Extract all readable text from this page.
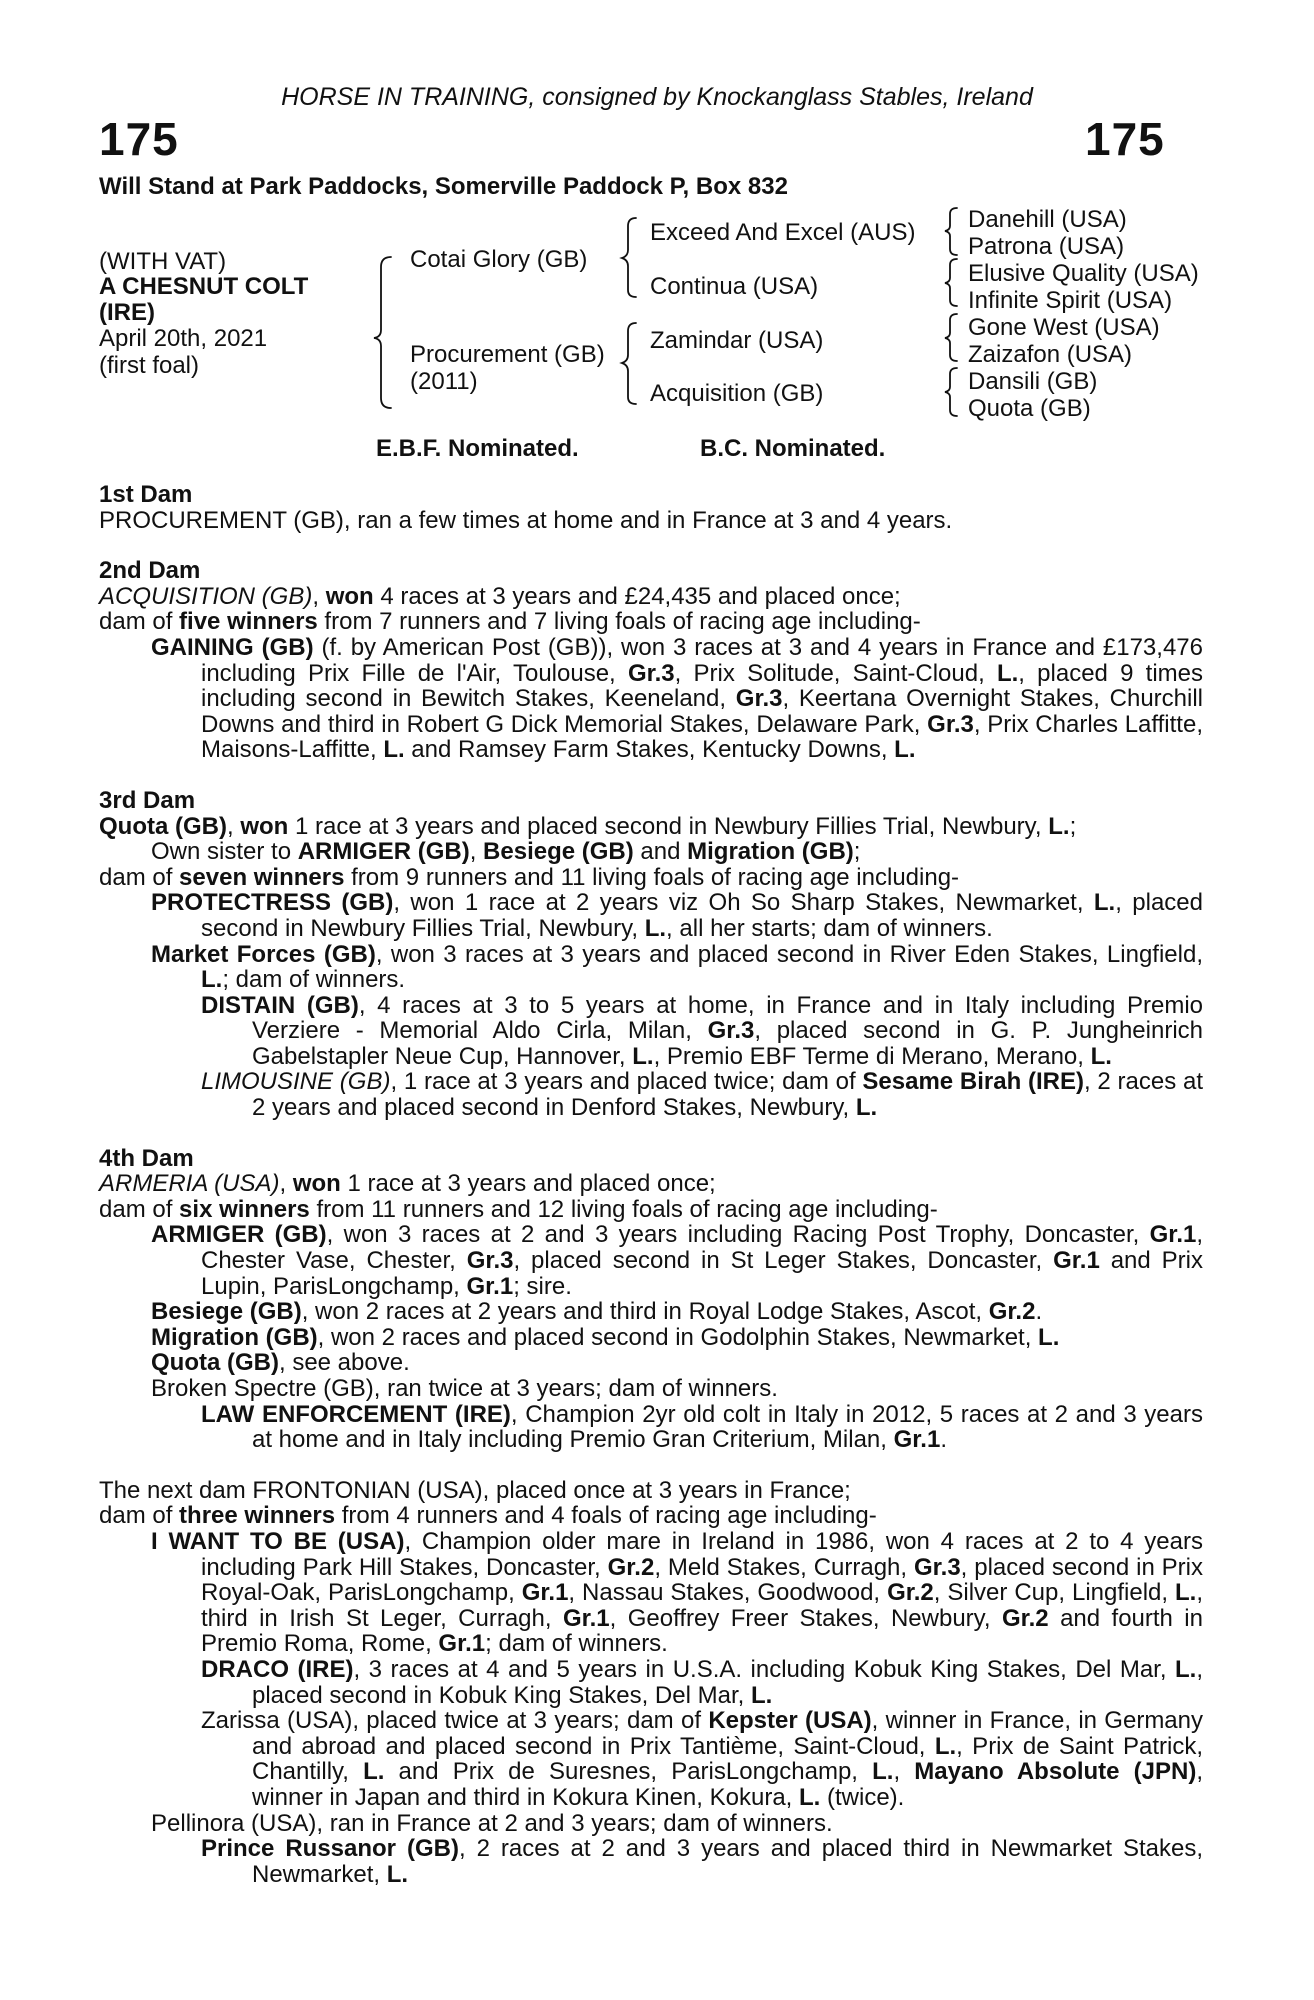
HORSE IN TRAINING, consigned by Knockanglass Stables, Ireland
175	175
Will Stand at Park Paddocks, Somerville Paddock P, Box 832
(WITH VAT)
A CHESNUT COLT
(IRE)
April 20th, 2021
(first foal)
Cotai Glory (GB)
Procurement (GB)
(2011)
Exceed And Excel (AUS)
Continua (USA)
Zamindar (USA)
Acquisition (GB)
Danehill (USA)
Patrona (USA)
Elusive Quality (USA)
Infinite Spirit (USA)
Gone West (USA)
Zaizafon (USA)
Dansili (GB)
Quota (GB)
E.B.F. Nominated.	B.C. Nominated.

1st Dam

PROCUREMENT (GB), ran a few times at home and in France at 3 and 4 years.

2nd Dam

ACQUISITION (GB), won 4 races at 3 years and £24,435 and placed once;

dam of five winners from 7 runners and 7 living foals of racing age including-

GAINING (GB) (f. by American Post (GB)), won 3 races at 3 and 4 years in France and £173,476 including Prix Fille de l'Air, Toulouse, Gr.3, Prix Solitude, Saint-Cloud, L., placed 9 times including second in Bewitch Stakes, Keeneland, Gr.3, Keertana Overnight Stakes, Churchill Downs and third in Robert G Dick Memorial Stakes, Delaware Park, Gr.3, Prix Charles Laffitte, Maisons-Laffitte, L. and Ramsey Farm Stakes, Kentucky Downs, L.

3rd Dam

Quota (GB), won 1 race at 3 years and placed second in Newbury Fillies Trial, Newbury, L.;

Own sister to ARMIGER (GB), Besiege (GB) and Migration (GB);

dam of seven winners from 9 runners and 11 living foals of racing age including-

PROTECTRESS (GB), won 1 race at 2 years viz Oh So Sharp Stakes, Newmarket, L., placed second in Newbury Fillies Trial, Newbury, L., all her starts; dam of winners.

Market Forces (GB), won 3 races at 3 years and placed second in River Eden Stakes, Lingfield, L.; dam of winners.

DISTAIN (GB), 4 races at 3 to 5 years at home, in France and in Italy including Premio Verziere - Memorial Aldo Cirla, Milan, Gr.3, placed second in G. P. Jungheinrich Gabelstapler Neue Cup, Hannover, L., Premio EBF Terme di Merano, Merano, L.

LIMOUSINE (GB), 1 race at 3 years and placed twice; dam of Sesame Birah (IRE), 2 races at 2 years and placed second in Denford Stakes, Newbury, L.

4th Dam

ARMERIA (USA), won 1 race at 3 years and placed once;

dam of six winners from 11 runners and 12 living foals of racing age including-

ARMIGER (GB), won 3 races at 2 and 3 years including Racing Post Trophy, Doncaster, Gr.1, Chester Vase, Chester, Gr.3, placed second in St Leger Stakes, Doncaster, Gr.1 and Prix Lupin, ParisLongchamp, Gr.1; sire.

Besiege (GB), won 2 races at 2 years and third in Royal Lodge Stakes, Ascot, Gr.2.

Migration (GB), won 2 races and placed second in Godolphin Stakes, Newmarket, L.

Quota (GB), see above.

Broken Spectre (GB), ran twice at 3 years; dam of winners.

LAW ENFORCEMENT (IRE), Champion 2yr old colt in Italy in 2012, 5 races at 2 and 3 years at home and in Italy including Premio Gran Criterium, Milan, Gr.1.

The next dam FRONTONIAN (USA), placed once at 3 years in France;

dam of three winners from 4 runners and 4 foals of racing age including-

I WANT TO BE (USA), Champion older mare in Ireland in 1986, won 4 races at 2 to 4 years including Park Hill Stakes, Doncaster, Gr.2, Meld Stakes, Curragh, Gr.3, placed second in Prix Royal-Oak, ParisLongchamp, Gr.1, Nassau Stakes, Goodwood, Gr.2, Silver Cup, Lingfield, L., third in Irish St Leger, Curragh, Gr.1, Geoffrey Freer Stakes, Newbury, Gr.2 and fourth in Premio Roma, Rome, Gr.1; dam of winners.

DRACO (IRE), 3 races at 4 and 5 years in U.S.A. including Kobuk King Stakes, Del Mar, L., placed second in Kobuk King Stakes, Del Mar, L.

Zarissa (USA), placed twice at 3 years; dam of Kepster (USA), winner in France, in Germany and abroad and placed second in Prix Tantième, Saint-Cloud, L., Prix de Saint Patrick, Chantilly, L. and Prix de Suresnes, ParisLongchamp, L., Mayano Absolute (JPN), winner in Japan and third in Kokura Kinen, Kokura, L. (twice).

Pellinora (USA), ran in France at 2 and 3 years; dam of winners.

Prince Russanor (GB), 2 races at 2 and 3 years and placed third in Newmarket Stakes, Newmarket, L.
